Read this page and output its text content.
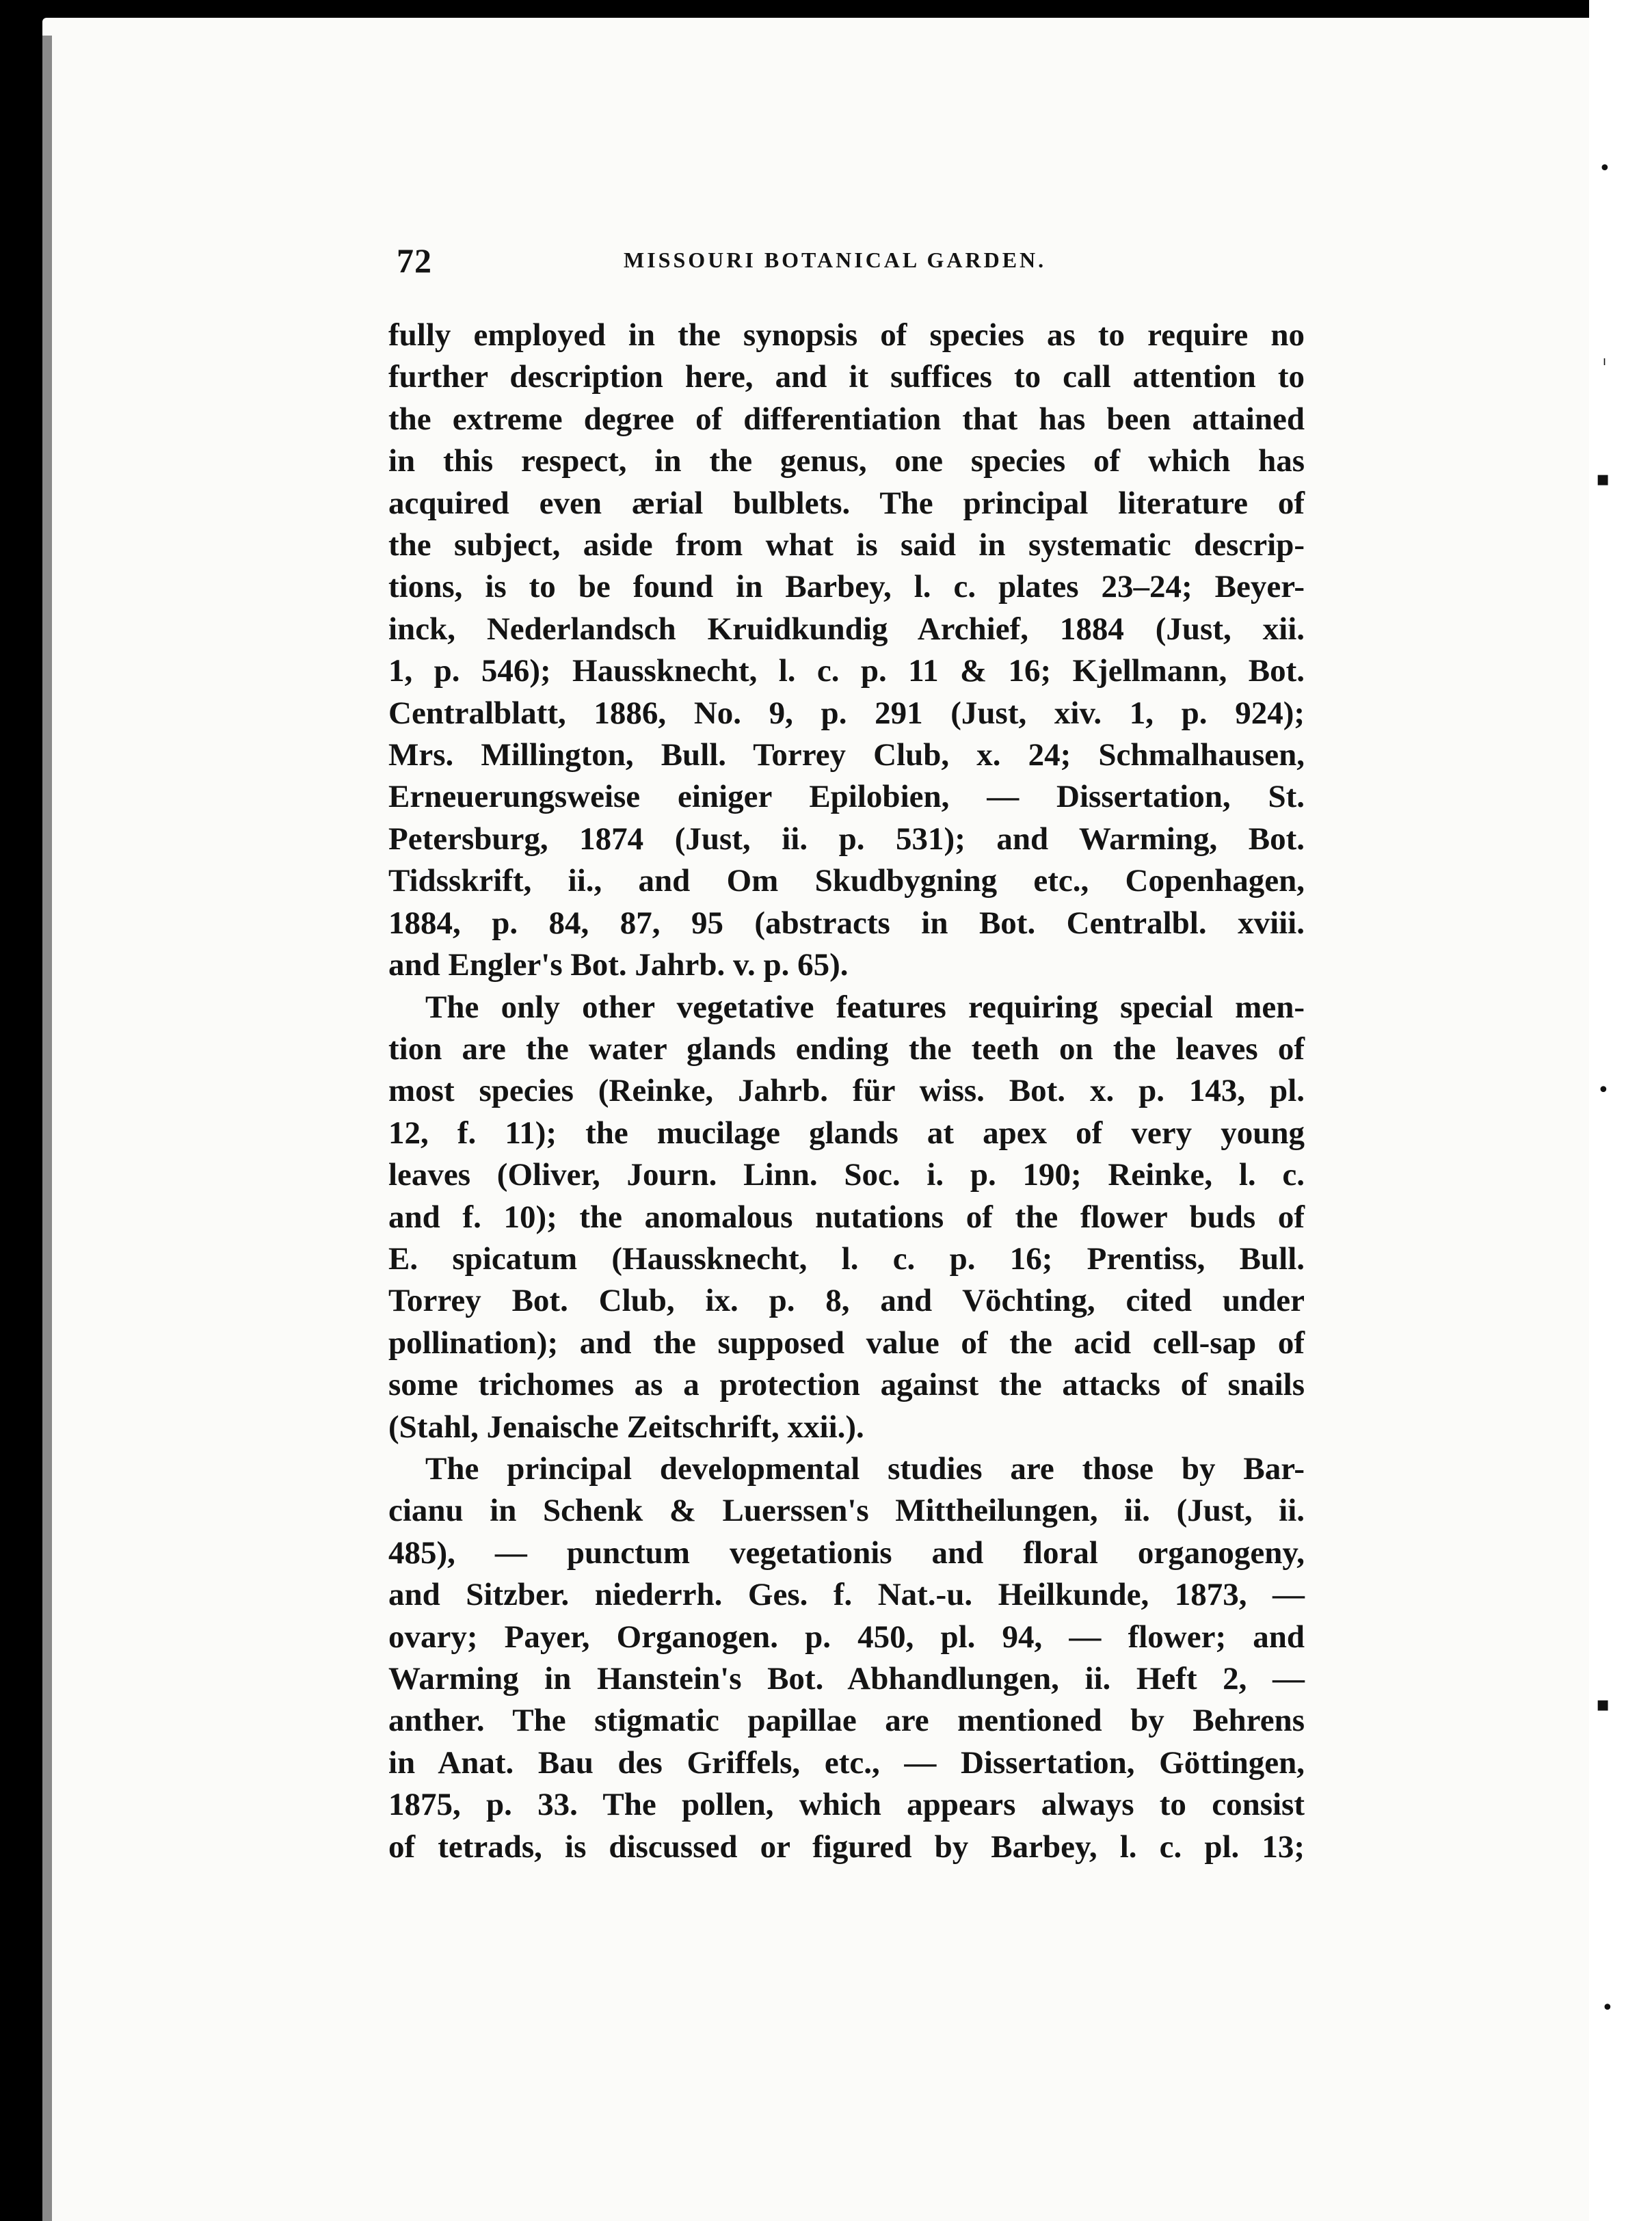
•
ı
▪
•
▪
•
72	MISSOURI BOTANICAL GARDEN.
fully employed in the synopsis of species as to require no
further description here, and it suffices to call attention to
the extreme degree of differentiation that has been attained
in this respect, in the genus, one species of which has
acquired even ærial bulblets. The principal literature of
the subject, aside from what is said in systematic descrip-
tions, is to be found in Barbey, l. c. plates 23–24; Beyer-
inck, Nederlandsch Kruidkundig Archief, 1884 (Just, xii.
1, p. 546); Haussknecht, l. c. p. 11 & 16; Kjellmann, Bot.
Centralblatt, 1886, No. 9, p. 291 (Just, xiv. 1, p. 924);
Mrs. Millington, Bull. Torrey Club, x. 24; Schmalhausen,
Erneuerungsweise einiger Epilobien, — Dissertation, St.
Petersburg, 1874 (Just, ii. p. 531); and Warming, Bot.
Tidsskrift, ii., and Om Skudbygning etc., Copenhagen,
1884, p. 84, 87, 95 (abstracts in Bot. Centralbl. xviii.
and Engler's Bot. Jahrb. v. p. 65).
The only other vegetative features requiring special men-
tion are the water glands ending the teeth on the leaves of
most species (Reinke, Jahrb. für wiss. Bot. x. p. 143, pl.
12, f. 11); the mucilage glands at apex of very young
leaves (Oliver, Journ. Linn. Soc. i. p. 190; Reinke, l. c.
and f. 10); the anomalous nutations of the flower buds of
E. spicatum (Haussknecht, l. c. p. 16; Prentiss, Bull.
Torrey Bot. Club, ix. p. 8, and Vöchting, cited under
pollination); and the supposed value of the acid cell-sap of
some trichomes as a protection against the attacks of snails
(Stahl, Jenaische Zeitschrift, xxii.).
The principal developmental studies are those by Bar-
cianu in Schenk & Luerssen's Mittheilungen, ii. (Just, ii.
485), — punctum vegetationis and floral organogeny,
and Sitzber. niederrh. Ges. f. Nat.-u. Heilkunde, 1873, —
ovary; Payer, Organogen. p. 450, pl. 94, — flower; and
Warming in Hanstein's Bot. Abhandlungen, ii. Heft 2, —
anther. The stigmatic papillae are mentioned by Behrens
in Anat. Bau des Griffels, etc., — Dissertation, Göttingen,
1875, p. 33. The pollen, which appears always to consist
of tetrads, is discussed or figured by Barbey, l. c. pl. 13;
